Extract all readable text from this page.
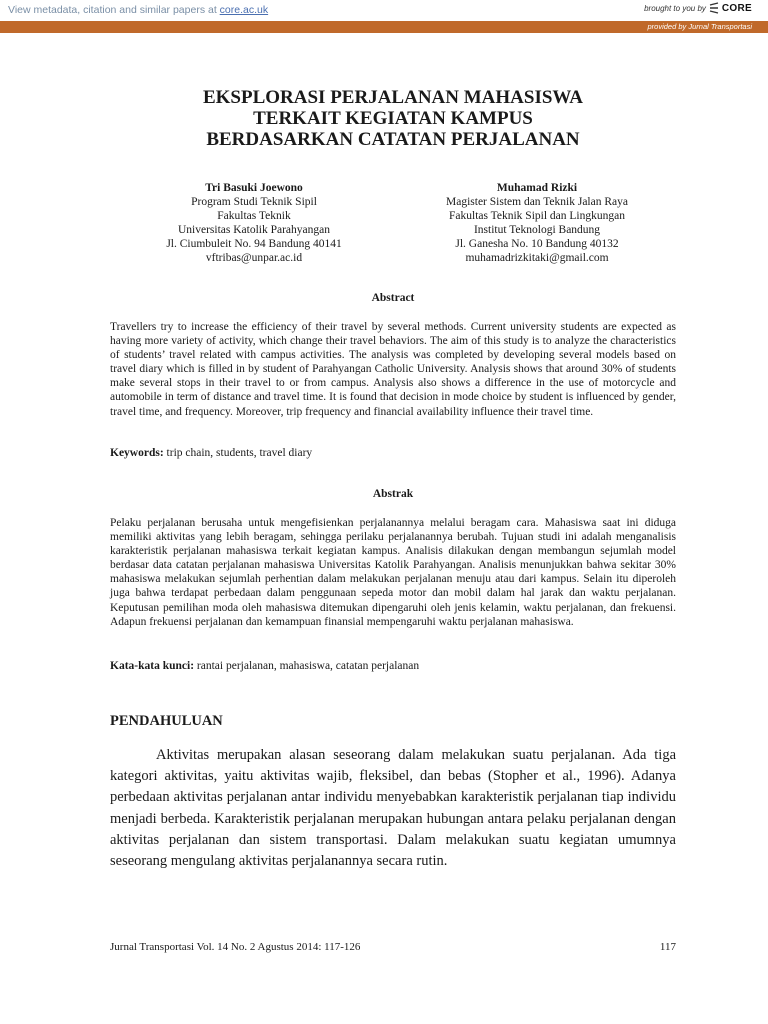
View metadata, citation and similar papers at core.ac.uk	brought to you by CORE
provided by Jurnal Transportasi
EKSPLORASI PERJALANAN MAHASISWA
TERKAIT KEGIATAN KAMPUS
BERDASARKAN CATATAN PERJALANAN
Tri Basuki Joewono
Program Studi Teknik Sipil
Fakultas Teknik
Universitas Katolik Parahyangan
Jl. Ciumbuleit No. 94 Bandung 40141
vftribas@unpar.ac.id
Muhamad Rizki
Magister Sistem dan Teknik Jalan Raya
Fakultas Teknik Sipil dan Lingkungan
Institut Teknologi Bandung
Jl. Ganesha No. 10 Bandung 40132
muhamadrizkitaki@gmail.com
Abstract
Travellers try to increase the efficiency of their travel by several methods. Current university students are expected as having more variety of activity, which change their travel behaviors. The aim of this study is to analyze the characteristics of students’ travel related with campus activities. The analysis was completed by developing several models based on travel diary which is filled in by student of Parahyangan Catholic University. Analysis shows that around 30% of students make several stops in their travel to or from campus. Analysis also shows a difference in the use of motorcycle and automobile in term of distance and travel time. It is found that decision in mode choice by student is influenced by gender, travel time, and frequency. Moreover, trip frequency and financial availability influence their travel time.
Keywords: trip chain, students, travel diary
Abstrak
Pelaku perjalanan berusaha untuk mengefisienkan perjalanannya melalui beragam cara. Mahasiswa saat ini diduga memiliki aktivitas yang lebih beragam, sehingga perilaku perjalanannya berubah. Tujuan studi ini adalah menganalisis karakteristik perjalanan mahasiswa terkait kegiatan kampus. Analisis dilakukan dengan membangun sejumlah model berdasar data catatan perjalanan mahasiswa Universitas Katolik Parahyangan. Analisis menunjukkan bahwa sekitar 30% mahasiswa melakukan sejumlah perhentian dalam melakukan perjalanan menuju atau dari kampus. Selain itu diperoleh juga bahwa terdapat perbedaan dalam penggunaan sepeda motor dan mobil dalam hal jarak dan waktu perjalanan. Keputusan pemilihan moda oleh mahasiswa ditemukan dipengaruhi oleh jenis kelamin, waktu perjalanan, dan frekuensi. Adapun frekuensi perjalanan dan kemampuan finansial mempengaruhi waktu perjalanan mahasiswa.
Kata-kata kunci: rantai perjalanan, mahasiswa, catatan perjalanan
PENDAHULUAN
Aktivitas merupakan alasan seseorang dalam melakukan suatu perjalanan. Ada tiga kategori aktivitas, yaitu aktivitas wajib, fleksibel, dan bebas (Stopher et al., 1996). Adanya perbedaan aktivitas perjalanan antar individu menyebabkan karakteristik perjalanan tiap individu menjadi berbeda. Karakteristik perjalanan merupakan hubungan antara pelaku perjalanan dengan aktivitas perjalanan dan sistem transportasi. Dalam melakukan suatu kegiatan umumnya seseorang mengulang aktivitas perjalanannya secara rutin.
Jurnal Transportasi Vol. 14 No. 2 Agustus 2014: 117-126	117
